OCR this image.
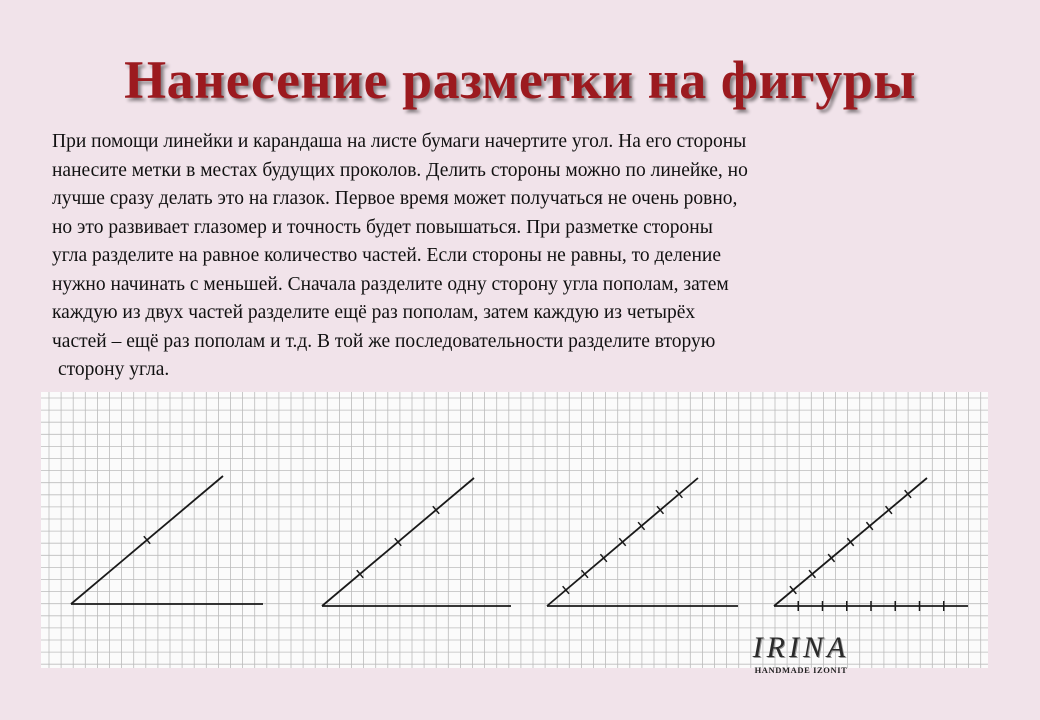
Нанесение разметки на фигуры
При помощи линейки и карандаша на листе бумаги начертите угол. На его стороны
нанесите метки в местах будущих проколов. Делить стороны можно по линейке, но
лучше сразу делать это на глазок. Первое время может получаться не очень ровно,
но это развивает глазомер и точность будет повышаться. При разметке стороны
угла разделите на равное количество частей. Если стороны не равны, то деление
нужно начинать с меньшей. Сначала разделите одну сторону угла пополам, затем
каждую из двух частей разделите ещё раз пополам, затем каждую из четырёх
частей – ещё раз пополам и т.д. В той же последовательности разделите вторую
сторону угла.
IRINA
HANDMADE IZONIT
